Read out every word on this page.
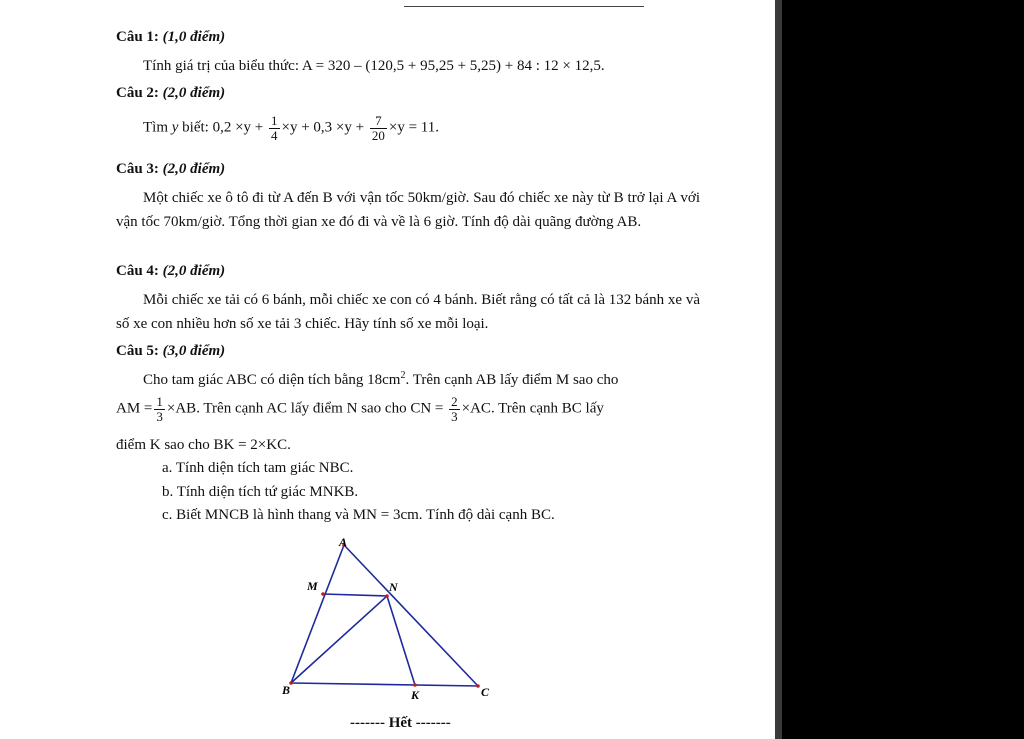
Câu 1: (1,0 điểm)
Tính giá trị của biểu thức: A = 320 – (120,5 + 95,25 + 5,25) + 84 : 12 × 12,5.
Câu 2: (2,0 điểm)
Tìm y biết: $0,2 \times y + \frac{1}{4} \times y + 0,3 \times y + \frac{7}{20} \times y = 11$.
Câu 3: (2,0 điểm)
Một chiếc xe ô tô đi từ A đến B với vận tốc 50km/giờ. Sau đó chiếc xe này từ B trở lại A với vận tốc 70km/giờ. Tổng thời gian xe đó đi và về là 6 giờ. Tính độ dài quãng đường AB.
Câu 4: (2,0 điểm)
Mỗi chiếc xe tải có 6 bánh, mỗi chiếc xe con có 4 bánh. Biết rằng có tất cả là 132 bánh xe và số xe con nhiều hơn số xe tải 3 chiếc. Hãy tính số xe mỗi loại.
Câu 5: (3,0 điểm)
Cho tam giác ABC có diện tích bằng $18cm^2$. Trên cạnh AB lấy điểm M sao cho
AM = $\frac{1}{3} \times AB$. Trên cạnh AC lấy điểm N sao cho CN = $\frac{2}{3} \times AC$. Trên cạnh BC lấy
điểm K sao cho BK = 2×KC.
a. Tính diện tích tam giác NBC.
b. Tính diện tích tứ giác MNKB.
c. Biết MNCB là hình thang và MN = 3cm. Tính độ dài cạnh BC.
A
M	N
B	K	C
------- Hết -------
